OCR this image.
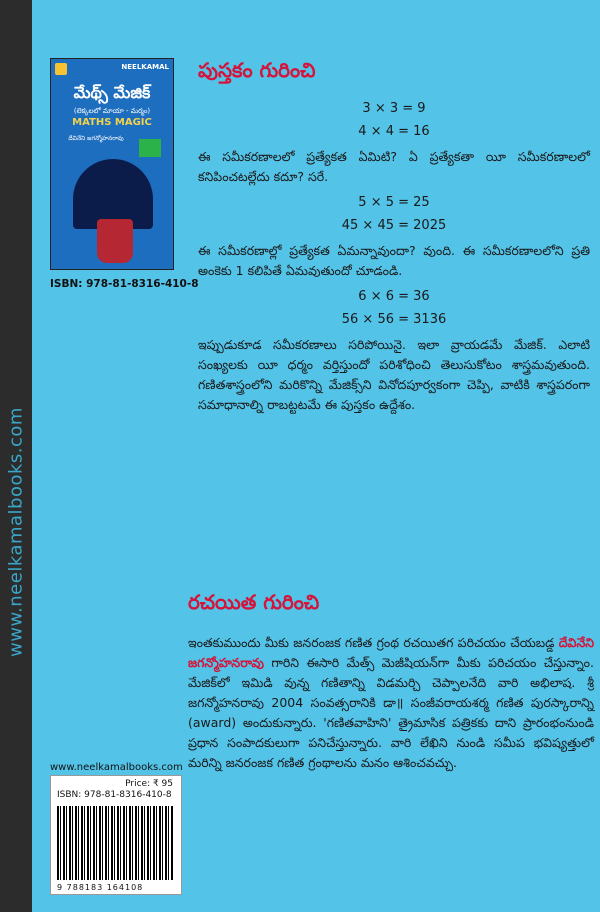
www.neelkamalbooks.com
NEELKAMAL
మేథ్స్ మేజిక్
(లెక్కలలో మాయా - మర్మం)
MATHS MAGIC
దేవినేని జగన్మోహనరావు
ISBN: 978-81-8316-410-8
పుస్తకం గురించి
3 × 3 = 9
4 × 4 = 16
ఈ సమీకరణాలలో ప్రత్యేకత ఏమిటి? ఏ ప్రత్యేకతా యీ సమీకరణాలలో కనిపించటల్లేదు కదూ? సరే.
5 × 5 = 25
45 × 45 = 2025
ఈ సమీకరణాల్లో ప్రత్యేకత ఏమన్నావుందా? వుంది. ఈ సమీకరణాలలోని ప్రతి అంకెకు 1 కలిపితే ఏమవుతుందో చూడండి.
6 × 6 = 36
56 × 56 = 3136
ఇప్పుడుకూడ సమీకరణాలు సరిపోయినై. ఇలా వ్రాయడమే మేజిక్. ఎలాటి సంఖ్యలకు యీ ధర్మం వర్తిస్తుందో పరిశోధించి తెలుసుకోటం శాస్త్రమవుతుంది. గణితశాస్త్రంలోని మరికొన్ని మేజిక్స్‌ని వినోదపూర్వకంగా చెప్పి, వాటికి శాస్త్రపరంగా సమాధానాల్ని రాబట్టటమే ఈ పుస్తకం ఉద్దేశం.
రచయిత గురించి
ఇంతకుముందు మీకు జనరంజక గణిత గ్రంథ రచయితగ పరిచయం చేయబడ్డ దేవినేని జగన్మోహనరావు గారిని ఈసారి మేత్స్ మెజీషియన్‌గా మీకు పరిచయం చేస్తున్నాం. మేజిక్‌లో ఇమిడి వున్న గణితాన్ని విడమర్చి చెప్పాలనేది వారి అభిలాష. శ్రీ జగన్మోహనరావు 2004 సంవత్సరానికి డా॥ సంజీవరాయశర్మ గణిత పురస్కారాన్ని (award) అందుకున్నారు. 'గణితవాహిని' త్రైమాసిక పత్రికకు దాని ప్రారంభంనుండి ప్రధాన సంపాదకులుగా పనిచేస్తున్నారు. వారి లేఖిని నుండి సమీప భవిష్యత్తులో మరిన్ని జనరంజక గణిత గ్రంథాలను మనం ఆశించవచ్చు.
www.neelkamalbooks.com
Price: ₹ 95
ISBN: 978-81-8316-410-8
9 788183 164108
